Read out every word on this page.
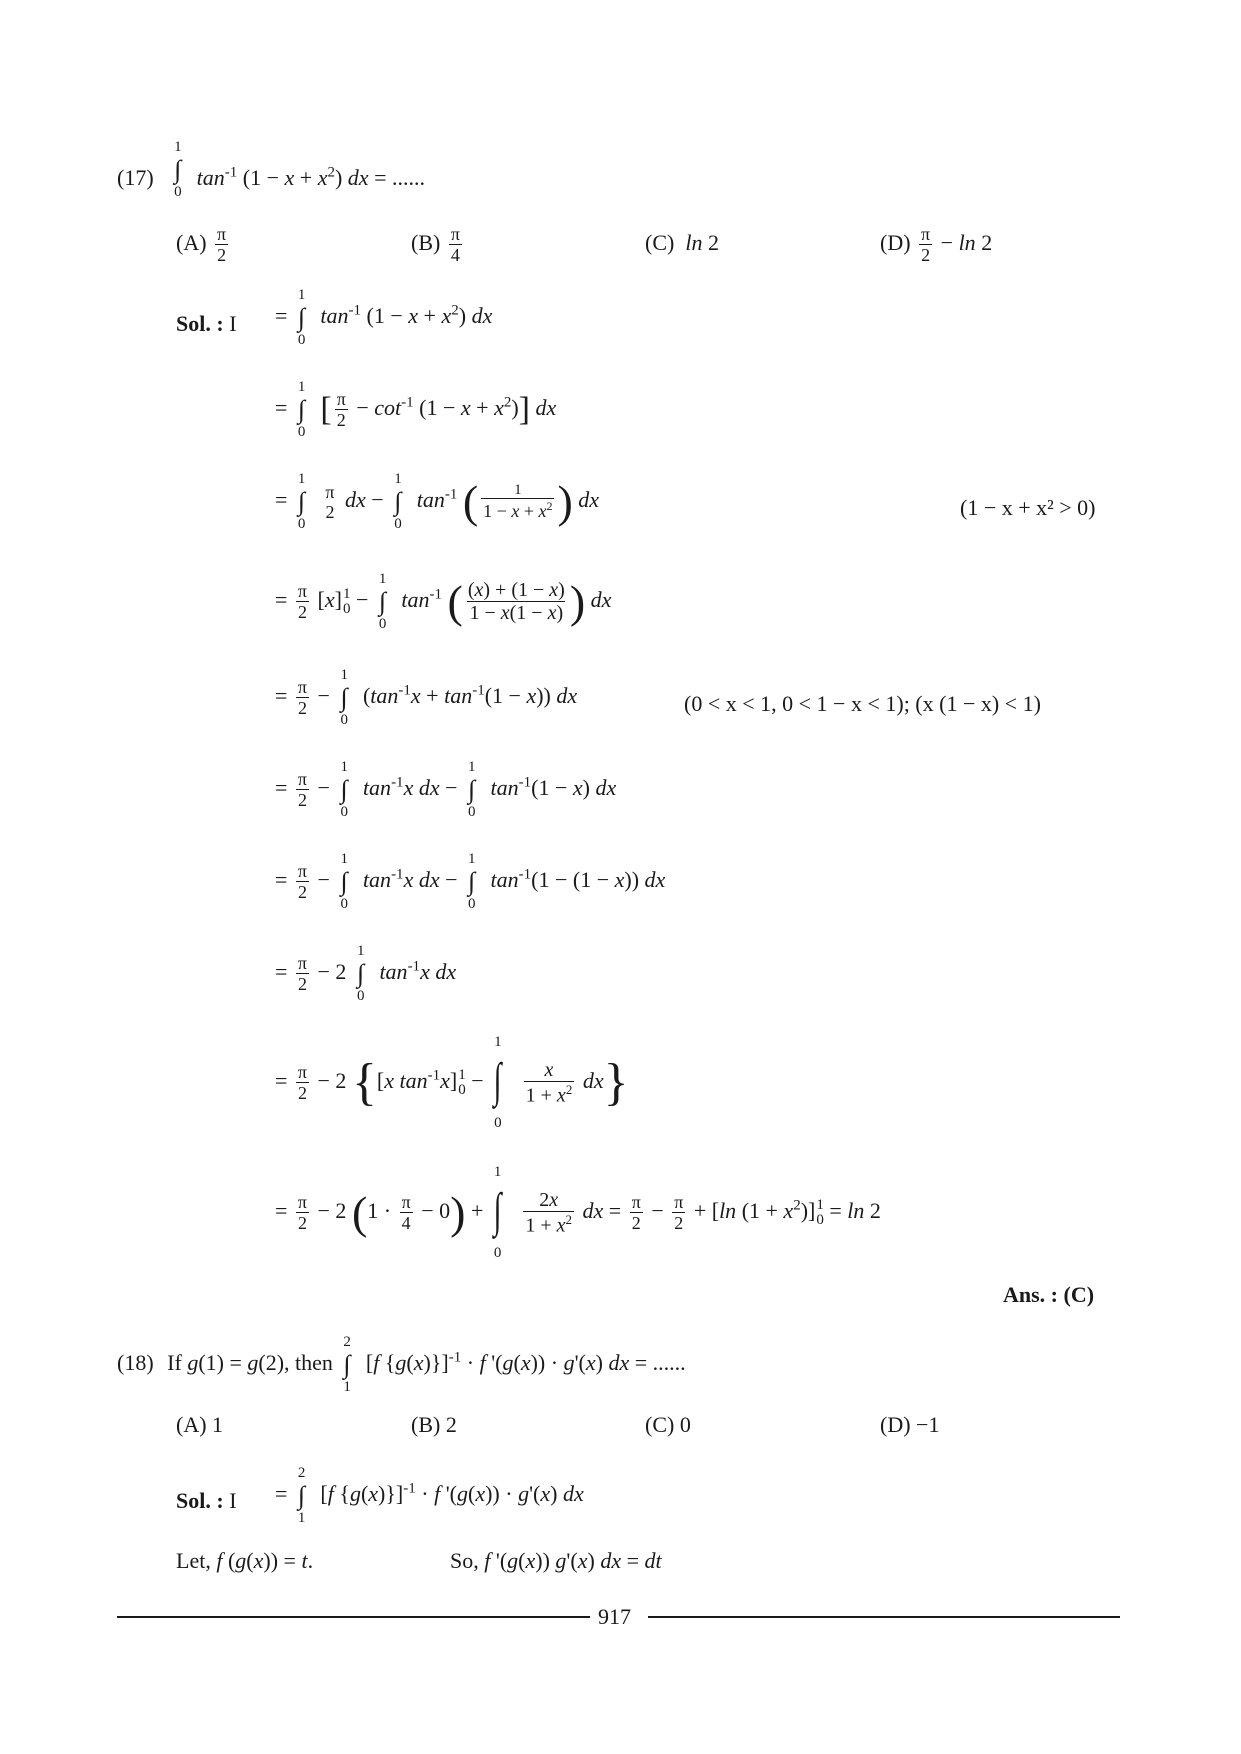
(17)
1
∫
0
$\tan^{-1} (1 - x + x^2)$ dx = ......
$(A) \frac{\pi}{2}$	$(B) \frac{\pi}{4}$	(C)  ln 2	$(D) \frac{\pi}{2} - \ln 2$
Sol. : I =
1
∫
0
$\tan^{-1} (1 - x + x^2)$ dx
=
1
∫
0
[ $\frac{\pi}{2} - \cot^{-1} (1 - x + x^2)$] dx
=
1
∫
0

π
2 dx −
1
∫
0
$\tan^{-1}$ ( $\frac{1}{1 - x + x^2}$ ) dx	(1 − x + x² > 0)
= $\frac{\pi}{2} [x]$ 1
0 −
1
∫
0
$\tan^{-1}$ ( $\frac{(x) + (1 - x)}{1 - x(1 - x)}$ ) dx
= $\frac{\pi}{2}$ −
1
∫
0
$(\tan^{-1}x + \tan^{-1}(1 - x))$ dx	(0 < x < 1, 0 < 1 − x < 1); (x (1 − x) < 1)
= $\frac{\pi}{2}$ −
1
∫
0
$\tan^{-1}x$ dx −
1
∫
0
$\tan^{-1}(1 - x)$ dx
= $\frac{\pi}{2}$ −
1
∫
0
$\tan^{-1}x$ dx −
1
∫
0
$\tan^{-1}(1 - (1 - x))$ dx
= $\frac{\pi}{2} - 2$
1
∫
0
$\tan^{-1}x$ dx
= $\frac{\pi}{2} - 2$ {[x $\tan^{-1}x$] 1
0 −
1
∫
0

$\frac{x}{1 + x^2} dx$}
= $\frac{\pi}{2} - 2$ $(1 \cdot \frac{\pi}{4} - 0)$ +
1
∫
0

$\frac{2x}{1 + x^2}$ dx = $\frac{\pi}{2} - \frac{\pi}{2} + [\ln$ $(1 + x^2)$] 1
0 = ln 2
Ans. : (C)
(18) If g(1) = g(2), then
2
∫
1
[f {g(x)}]$^{-1}$ · f '(g(x)) · g'(x) dx = ......
(A) 1	(B) 2	(C) 0	(D) −1
Sol. : I =
2
∫
1
[f {g(x)}]$^{-1}$ · f '(g(x)) · g'(x) dx
Let, f (g(x)) = t.	So, f '(g(x)) g'(x) dx = dt
917
